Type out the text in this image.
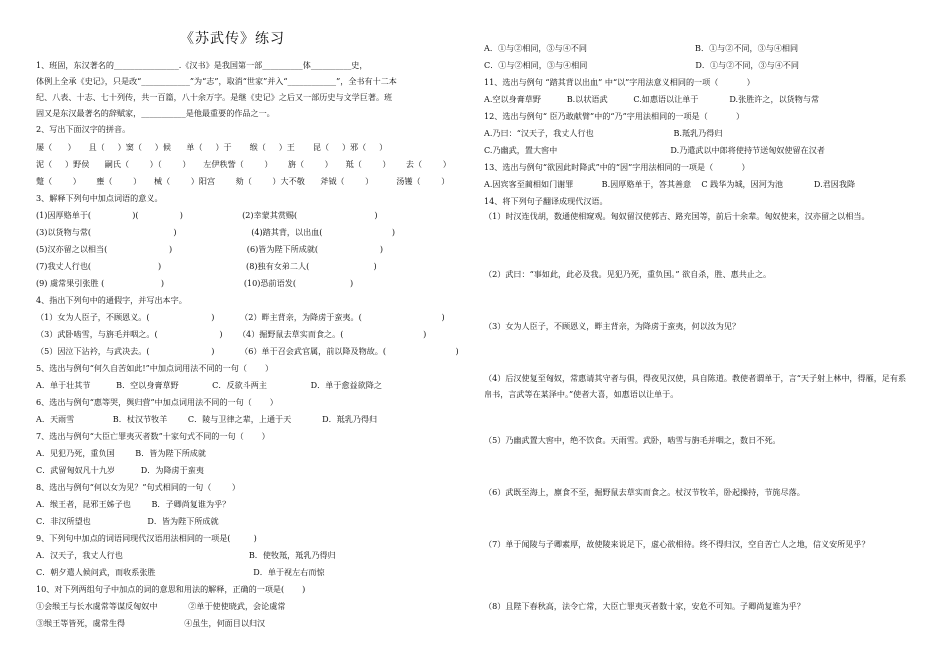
《苏武传》练习
1、班固，东汉著名的________________.《汉书》是我国第一部__________体__________史，
体例上全承《史记》，只是改“____________”为“志”，取消“世家”并入“____________”，全书有十二本
纪、八表、十志、七十列传，共一百篇，八十余万字。是继《史记》之后又一部历史与文学巨著。班
固又是东汉最著名的辞赋家，___________是他最重要的作品之一。
2、写出下面汉字的拼音。
屡（      ）     且（     ）窦（     ）候      单（     ）于       缑（     ）王       昆（     ）邪（     ）
泥（     ）野侯      嗣氏（        ）（        ）     左伊秩訾（        ）      旃（        ）     羝（        ）      去（        ）
蹩（        ）      壅（        ）     械（        ）阳宫        劾（        ）大不敬      斧钺（        ）         汤镬（        ）
3、解释下列句中加点词语的意义。
(1)因厚赂单于(                )(                )                       (2)幸蒙其赏赐(                              )
(3)以货物与常(                                )                             (4)踏其背，以出血(                           )
(5)汉亦留之以相当(                        )                             (6)皆为陛下所成就(                        )
(7)我丈人行也(                          )                                 (8)独有女弟二人(                         )
(9) 虞常果引张胜 (                      )                               (10)恐前语发(                     )
4、指出下列句中的通假字，并写出本字。
（1）女为人臣子，不顾恩义。(                        )          （2）畔主背亲，为降虏于蛮夷。(                               )
（3）武卧啮雪，与旃毛并咽之。(                        )      （4）掘野鼠去草实而食之。(                               )
（5）因泣下沾衿，与武决去。(                        )          （6）单于召会武官属，前以降及物故。(                           )
5、选出与例句“何久自苦如此!”中加点词用法不同的一句（       ）
A．单于壮其节          B．空以身膏草野             C．反欲斗两主                 D．单于愈益欲降之
6、选出与例句“惠等哭，舆归营”中加点词用法不同的一句（       ）
A．天雨雪               B．杖汉节牧羊        C．陵与卫律之辈，上通于天            D．羝乳乃得归
7、选出与例句“大臣亡罪夷灭者数”十家句式不同的一句（       ）
A．见犯乃死，重负国        B．皆为陛下所成就
C．武留匈奴凡十九岁          D．为降虏于蛮夷
8、选出与例句“何以女为见？”句式相同的一句（        ）
A．缑王者，昆邪王姊子也        B．子卿尚复谁为乎？
C．非汉所望也                      D．皆为陛下所成就
9、下列句中加点的词语同现代汉语用法相同的一项是(         )
A．汉天子，我丈人行也                                                 B．使牧羝，羝乳乃得归
C．朝夕遣人候问武，而收系张胜                                      D．单于视左右而惊
10、对下列两组句子中加点的词的意思和用法的解释，正确的一项是(       )
①会缑王与长水虞常等谋反匈奴中            ②单于使使晓武，会论虞常
③缑王等皆死，虞常生得                       ④虽生，何面目以归汉
A．①与②相同，③与④不同                                          B．①与②不同，③与④相同
C．①与②相同，③与④相同                                          D．①与②不同，③与④不同
11、选出与例句 “踏其背以出血” 中“以”字用法意义相同的一项（           ）
A.空以身膏草野          B.以状语武          C.如惠语以让单于            D.张胜许之，以货物与常
12、选出与例句“ 臣乃敢献臂”中的“乃”字用法相同的一项是（           ）
A.乃曰：“汉天子，我丈人行也                               B.羝乳乃得归
C.乃幽武，置大窖中                                            D.乃遣武以中郎将使持节送匈奴使留在汉者
13、选出与例句“欲因此时降武”中的“因”字用法相同的一项是（           ）
A.因宾客至蔺相如门谢罪           B.因厚赂单于，答其善意    C 践华为城，因河为池            D.君因我降
14、将下列句子翻译成现代汉语。
（1）时汉连伐胡，数通使相窥观。匈奴留汉使郭吉、路充国等，前后十余辈。匈奴使来，汉亦留之以相当。
（2）武曰：“事如此，此必及我。见犯乃死，重负国。” 欲自杀，胜、惠共止之。
（3）女为人臣子，不顾恩义，畔主背亲，为降虏于蛮夷，何以汝为见？
（4）后汉使复至匈奴，常惠请其守者与俱，得夜见汉使，具自陈道。教使者谓单于，言“天子射上林中，得雁，足有系帛书，言武等在某泽中。”使者大喜，如惠语以让单于。
（5）乃幽武置大窖中，绝不饮食。天雨雪。武卧，啮雪与旃毛并咽之，数日不死。
（6）武既至海上，廪食不至，掘野鼠去草实而食之。杖汉节牧羊，卧起操持，节旄尽落。
（7）单于闻陵与子卿素厚，故使陵来说足下，虚心欲相待。终不得归汉，空自苦亡人之地，信义安所见乎？
（8）且陛下春秋高，法令亡常，大臣亡罪夷灭者数十家，安危不可知。子卿尚复谁为乎？
